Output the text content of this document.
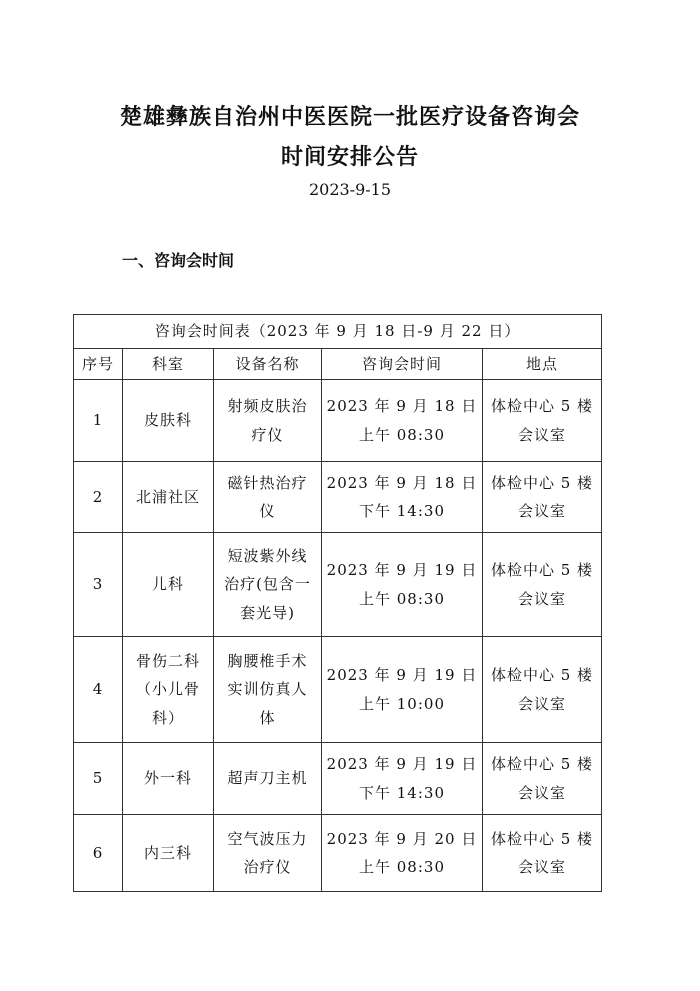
楚雄彝族自治州中医医院一批医疗设备咨询会
时间安排公告
2023-9-15
一、咨询会时间
咨询会时间表（2023 年 9 月 18 日-9 月 22 日）				
序号	科室	设备名称	咨询会时间	地点
1	皮肤科	射频皮肤治
疗仪	2023 年 9 月 18 日
上午 08:30	体检中心 5 楼
会议室
2	北浦社区	磁针热治疗
仪	2023 年 9 月 18 日
下午 14:30	体检中心 5 楼
会议室
3	儿科	短波紫外线
治疗(包含一
套光导)	2023 年 9 月 19 日
上午 08:30	体检中心 5 楼
会议室
4	骨伤二科
（小儿骨
科）	胸腰椎手术
实训仿真人
体	2023 年 9 月 19 日
上午 10:00	体检中心 5 楼
会议室
5	外一科	超声刀主机	2023 年 9 月 19 日
下午 14:30	体检中心 5 楼
会议室
6	内三科	空气波压力
治疗仪	2023 年 9 月 20 日
上午 08:30	体检中心 5 楼
会议室
